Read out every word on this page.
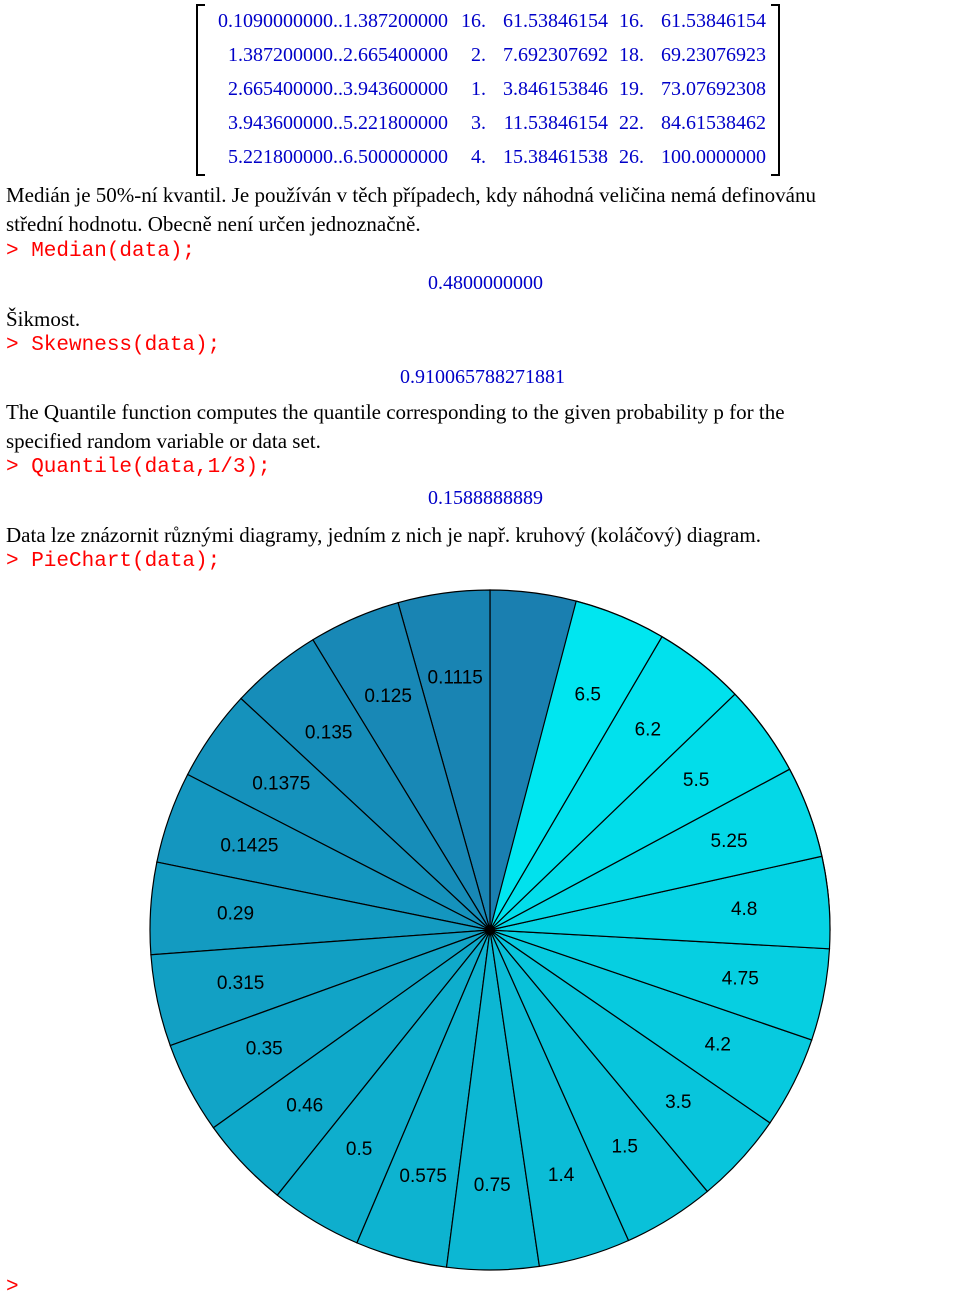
0.1090000000..1.387200000 16. 61.53846154 16. 61.53846154
1.387200000..2.665400000	2. 7.692307692 18. 69.23076923
2.665400000..3.943600000	1. 3.846153846 19. 73.07692308
3.943600000..5.221800000	3. 11.53846154 22. 84.61538462
5.221800000..6.500000000	4. 15.38461538 26. 100.0000000
Medián je 50%-ní kvantil. Je používán v těch případech, kdy náhodná veličina nemá definovánu
střední hodnotu. Obecně není určen jednoznačně.
> Median(data);
0.4800000000
Šikmost.
> Skewness(data);
0.910065788271881
The Quantile function computes the quantile corresponding to the given probability p for the
specified random variable or data set.
> Quantile(data,1/3);
0.1588888889
Data lze znázornit různými diagramy, jedním z nich je např. kruhový (koláčový) diagram.
> PieChart(data);
0.1115
0.125
0.135
0.1375
0.1425
0.29
0.315
0.35
0.46
0.5
0.575 0.75 1.4
1.5
3.5
4.2
4.75
4.8
5.25
5.5
6.2
6.5
>
